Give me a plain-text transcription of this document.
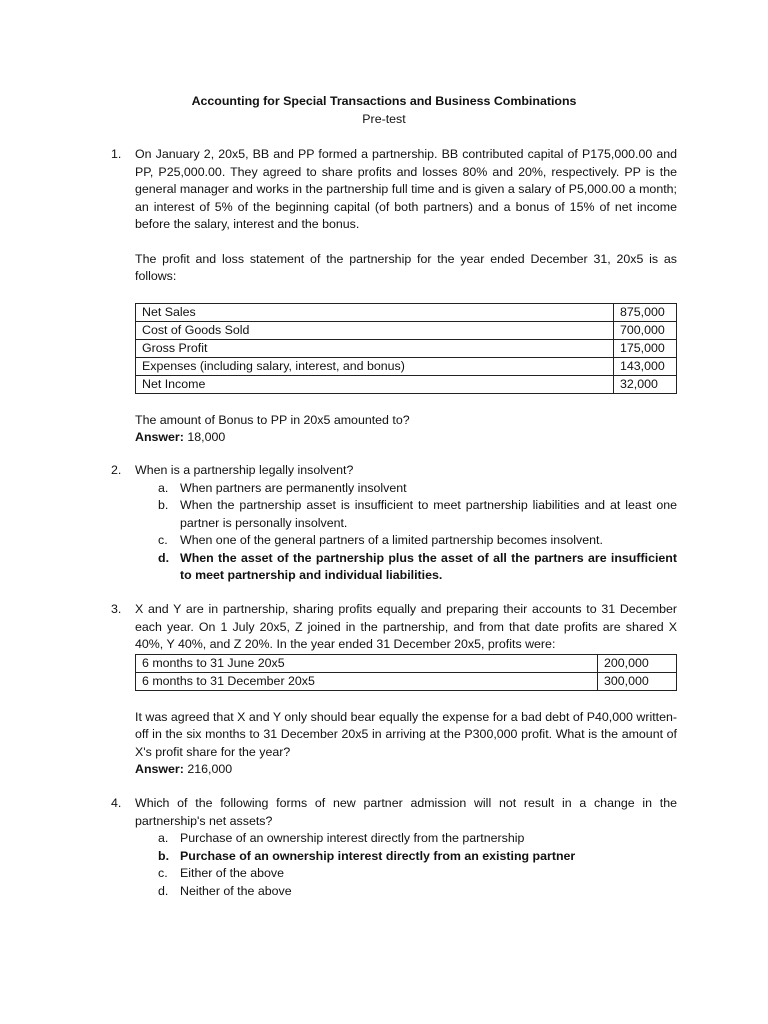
Accounting for Special Transactions and Business Combinations
Pre-test
1.	On January 2, 20x5, BB and PP formed a partnership. BB contributed capital of P175,000.00 and PP, P25,000.00. They agreed to share profits and losses 80% and 20%, respectively. PP is the general manager and works in the partnership full time and is given a salary of P5,000.00 a month; an interest of 5% of the beginning capital (of both partners) and a bonus of 15% of net income before the salary, interest and the bonus.

The profit and loss statement of the partnership for the year ended December 31, 20x5 is as follows:

Net Sales	875,000
Cost of Goods Sold	700,000
Gross Profit	175,000
Expenses (including salary, interest, and bonus)	143,000
Net Income	32,000

The amount of Bonus to PP in 20x5 amounted to?

Answer: 18,000

2.	When is a partnership legally insolvent?

a. When partners are permanently insolvent
b. When the partnership asset is insufficient to meet partnership liabilities and at least one partner is personally insolvent.
c. When one of the general partners of a limited partnership becomes insolvent.
d. When the asset of the partnership plus the asset of all the partners are insufficient to meet partnership and individual liabilities.
3.	X and Y are in partnership, sharing profits equally and preparing their accounts to 31 December each year. On 1 July 20x5, Z joined in the partnership, and from that date profits are shared X 40%, Y 40%, and Z 20%. In the year ended 31 December 20x5, profits were:

6 months to 31 June 20x5	200,000
6 months to 31 December 20x5	300,000

It was agreed that X and Y only should bear equally the expense for a bad debt of P40,000 written-off in the six months to 31 December 20x5 in arriving at the P300,000 profit. What is the amount of X's profit share for the year?

Answer: 216,000

4.	Which of the following forms of new partner admission will not result in a change in the partnership's net assets?

a. Purchase of an ownership interest directly from the partnership
b. Purchase of an ownership interest directly from an existing partner
c. Either of the above
d. Neither of the above
